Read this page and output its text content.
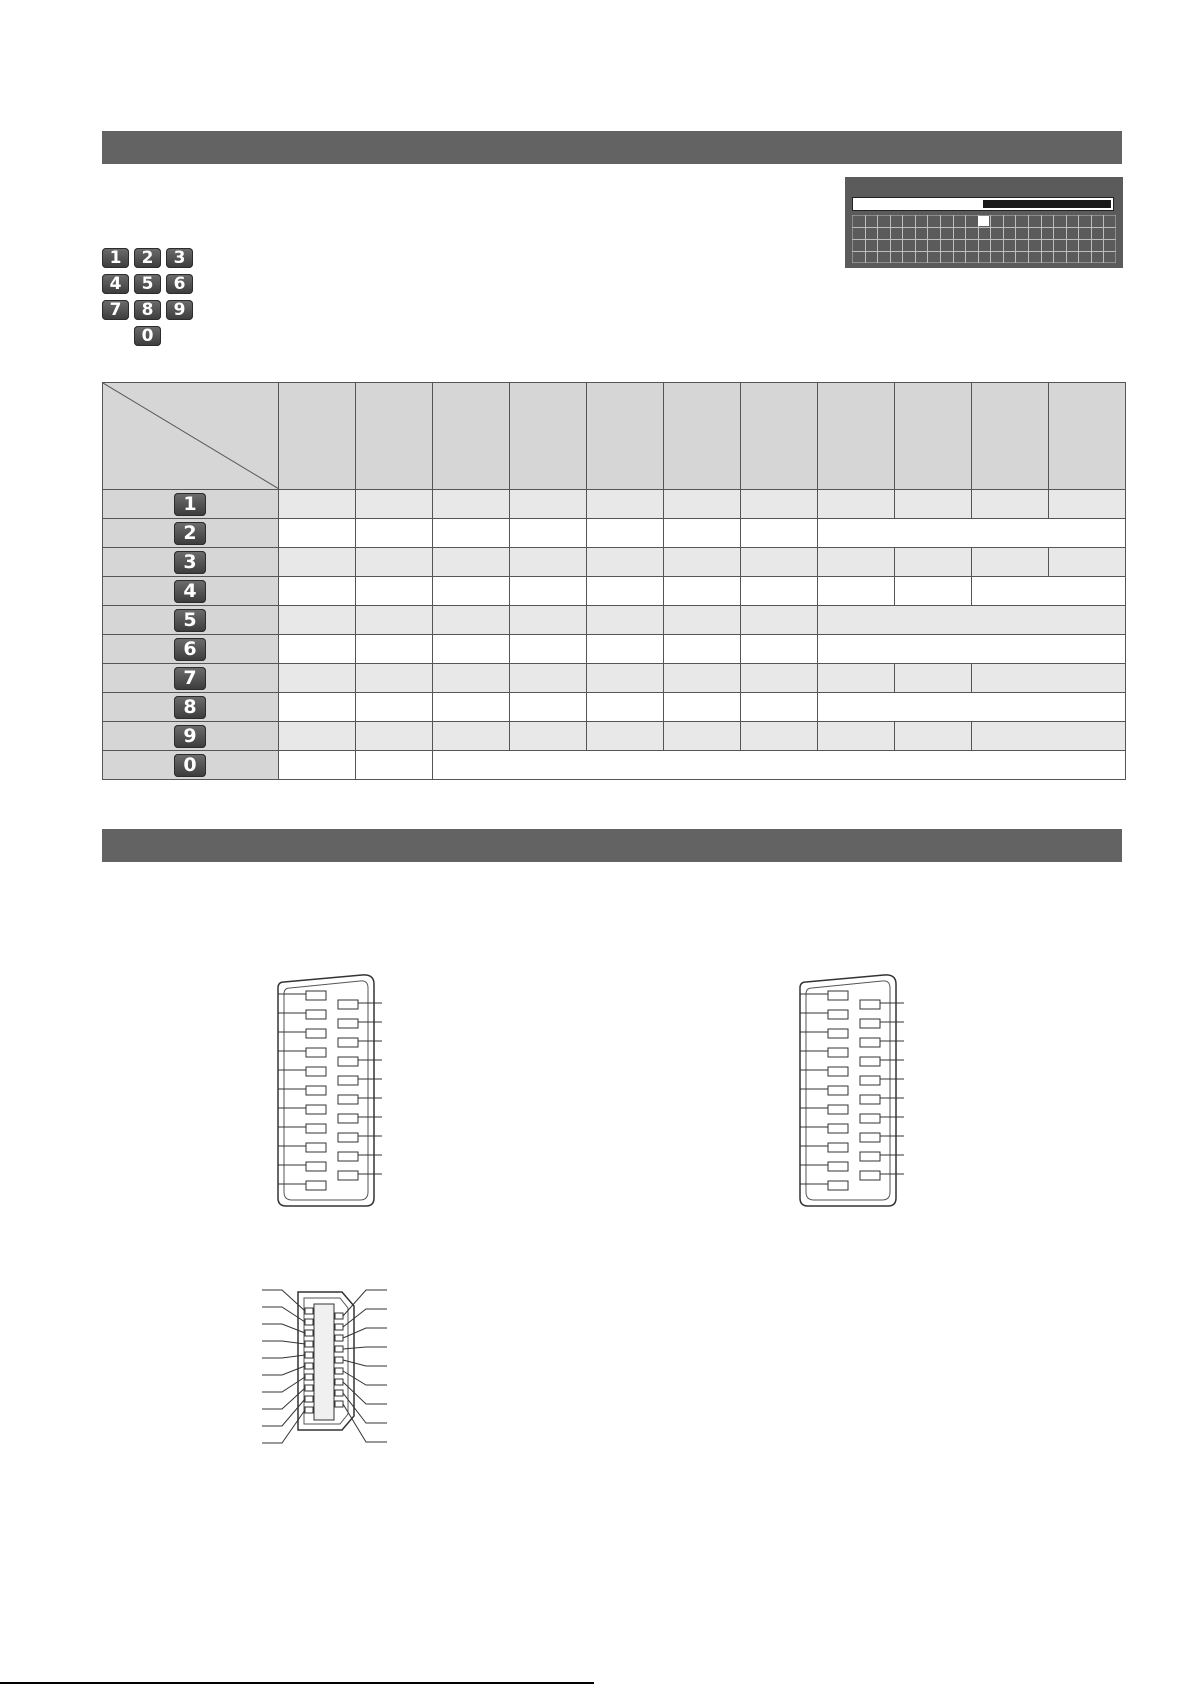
1	2	3
4	5	6
7	8	9
0

1											

2											

3											

4											

5											

6											

7											

8											

9											

0											
